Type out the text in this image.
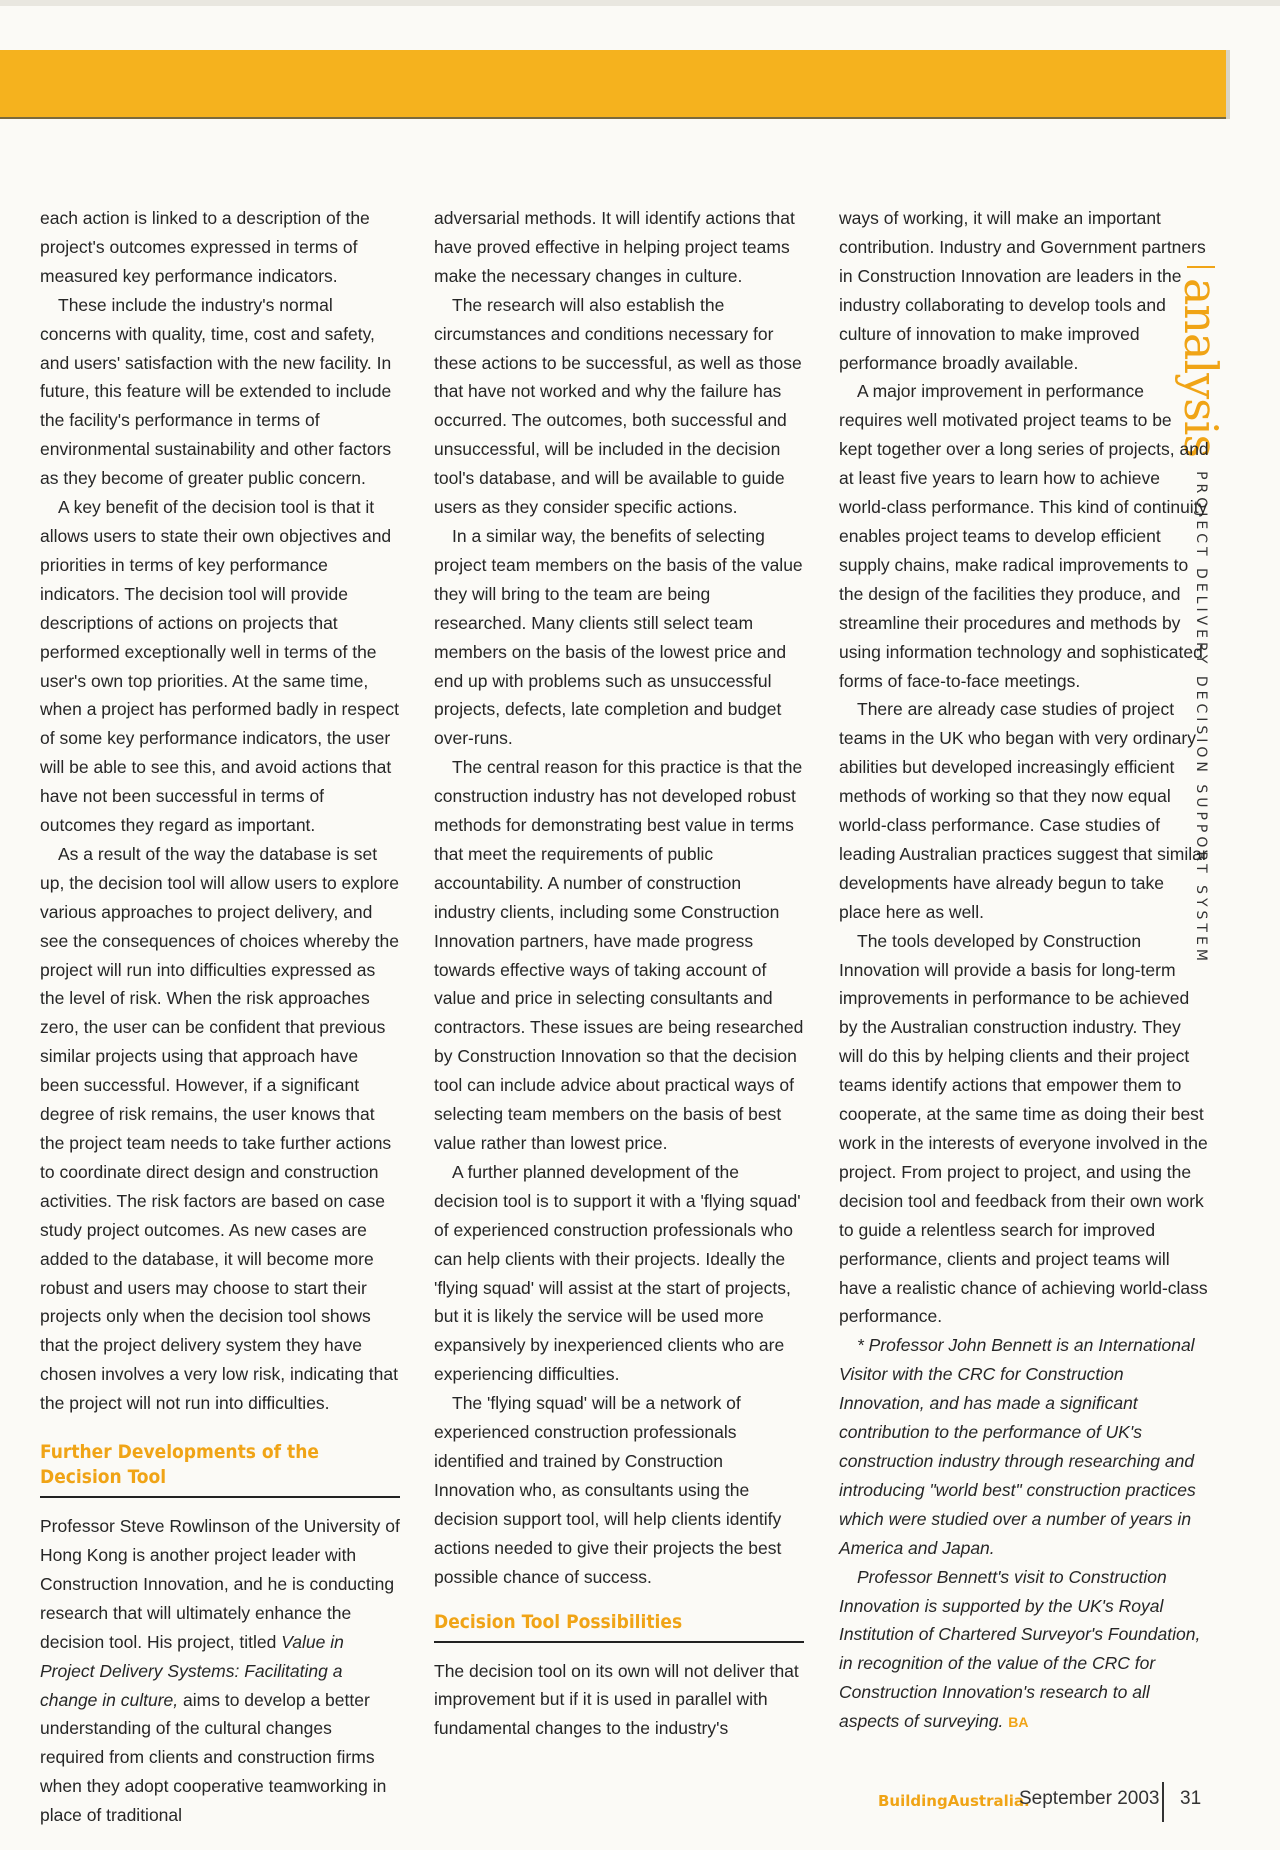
analysis
PROJECT DELIVERY DECISION SUPPORT SYSTEM

each action is linked to a description of the project's outcomes expressed in terms of measured key performance indicators.

These include the industry's normal concerns with quality, time, cost and safety, and users' satisfaction with the new facility. In future, this feature will be extended to include the facility's performance in terms of environmental sustainability and other factors as they become of greater public concern.

A key benefit of the decision tool is that it allows users to state their own objectives and priorities in terms of key performance indicators. The decision tool will provide descriptions of actions on projects that performed exceptionally well in terms of the user's own top priorities. At the same time, when a project has performed badly in respect of some key performance indicators, the user will be able to see this, and avoid actions that have not been successful in terms of outcomes they regard as important.

As a result of the way the database is set up, the decision tool will allow users to explore various approaches to project delivery, and see the consequences of choices whereby the project will run into difficulties expressed as the level of risk. When the risk approaches zero, the user can be confident that previous similar projects using that approach have been successful. However, if a significant degree of risk remains, the user knows that the project team needs to take further actions to coordinate direct design and construction activities. The risk factors are based on case study project outcomes. As new cases are added to the database, it will become more robust and users may choose to start their projects only when the decision tool shows that the project delivery system they have chosen involves a very low risk, indicating that the project will not run into difficulties.

Further Developments of the Decision Tool

Professor Steve Rowlinson of the University of Hong Kong is another project leader with Construction Innovation, and he is conducting research that will ultimately enhance the decision tool. His project, titled Value in Project Delivery Systems: Facilitating a change in culture, aims to develop a better understanding of the cultural changes required from clients and construction firms when they adopt cooperative teamworking in place of traditional

adversarial methods. It will identify actions that have proved effective in helping project teams make the necessary changes in culture.

The research will also establish the circumstances and conditions necessary for these actions to be successful, as well as those that have not worked and why the failure has occurred. The outcomes, both successful and unsuccessful, will be included in the decision tool's database, and will be available to guide users as they consider specific actions.

In a similar way, the benefits of selecting project team members on the basis of the value they will bring to the team are being researched. Many clients still select team members on the basis of the lowest price and end up with problems such as unsuccessful projects, defects, late completion and budget over-runs.

The central reason for this practice is that the construction industry has not developed robust methods for demonstrating best value in terms that meet the requirements of public accountability. A number of construction industry clients, including some Construction Innovation partners, have made progress towards effective ways of taking account of value and price in selecting consultants and contractors. These issues are being researched by Construction Innovation so that the decision tool can include advice about practical ways of selecting team members on the basis of best value rather than lowest price.

A further planned development of the decision tool is to support it with a 'flying squad' of experienced construction professionals who can help clients with their projects. Ideally the 'flying squad' will assist at the start of projects, but it is likely the service will be used more expansively by inexperienced clients who are experiencing difficulties.

The 'flying squad' will be a network of experienced construction professionals identified and trained by Construction Innovation who, as consultants using the decision support tool, will help clients identify actions needed to give their projects the best possible chance of success.

Decision Tool Possibilities

The decision tool on its own will not deliver that improvement but if it is used in parallel with fundamental changes to the industry's

ways of working, it will make an important contribution. Industry and Government partners in Construction Innovation are leaders in the industry collaborating to develop tools and culture of innovation to make improved performance broadly available.

A major improvement in performance requires well motivated project teams to be kept together over a long series of projects, and at least five years to learn how to achieve world-class performance. This kind of continuity enables project teams to develop efficient supply chains, make radical improvements to the design of the facilities they produce, and streamline their procedures and methods by using information technology and sophisticated forms of face-to-face meetings.

There are already case studies of project teams in the UK who began with very ordinary abilities but developed increasingly efficient methods of working so that they now equal world-class performance. Case studies of leading Australian practices suggest that similar developments have already begun to take place here as well.

The tools developed by Construction Innovation will provide a basis for long-term improvements in performance to be achieved by the Australian construction industry. They will do this by helping clients and their project teams identify actions that empower them to cooperate, at the same time as doing their best work in the interests of everyone involved in the project. From project to project, and using the decision tool and feedback from their own work to guide a relentless search for improved performance, clients and project teams will have a realistic chance of achieving world-class performance.

* Professor John Bennett is an International Visitor with the CRC for Construction Innovation, and has made a significant contribution to the performance of UK's construction industry through researching and introducing "world best" construction practices which were studied over a number of years in America and Japan.

Professor Bennett's visit to Construction Innovation is supported by the UK's Royal Institution of Chartered Surveyor's Foundation, in recognition of the value of the CRC for Construction Innovation's research to all aspects of surveying. BA

BuildingAustralia.
September 2003 31
